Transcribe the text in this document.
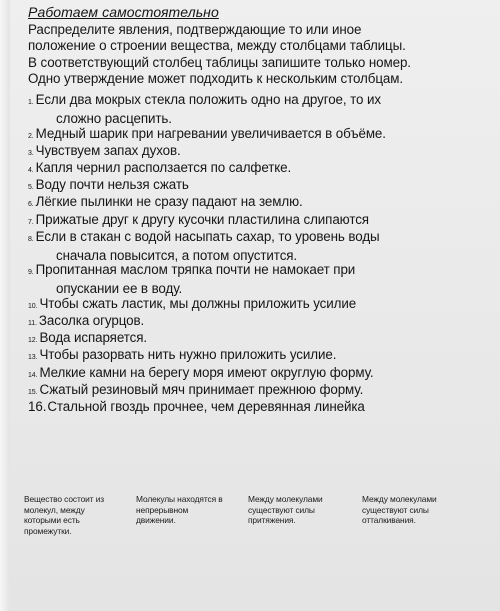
Работаем самостоятельно
Распределите явления, подтверждающие то или иное
положение о строении вещества, между столбцами таблицы.
В соответствующий столбец таблицы запишите только номер.
Одно утверждение может подходить к нескольким столбцам.
1. Если два мокрых стекла положить одно на другое, то их
сложно расцепить.
2. Медный шарик при нагревании увеличивается в объёме.
3. Чувствуем запах духов.
4. Капля чернил расползается по салфетке.
5. Воду почти нельзя сжать
6. Лёгкие пылинки не сразу падают на землю.
7. Прижатые друг к другу кусочки пластилина слипаются
8. Если в стакан с водой насыпать сахар, то уровень воды
сначала повысится, а потом опустится.
9. Пропитанная маслом тряпка почти не намокает при
опускании ее в воду.
10. Чтобы сжать ластик, мы должны приложить усилие
11. Засолка огурцов.
12. Вода испаряется.
13. Чтобы разорвать нить нужно приложить усилие.
14. Мелкие камни на берегу моря имеют округлую форму.
15. Сжатый резиновый мяч принимает прежнюю форму.
16.Стальной гвоздь прочнее, чем деревянная линейка
Вещество состоит из
молекул, между
которыми есть
промежутки.
Молекулы находятся в
непрерывном
движении.
Между молекулами
существуют силы
притяжения.
Между молекулами
существуют силы
отталкивания.
